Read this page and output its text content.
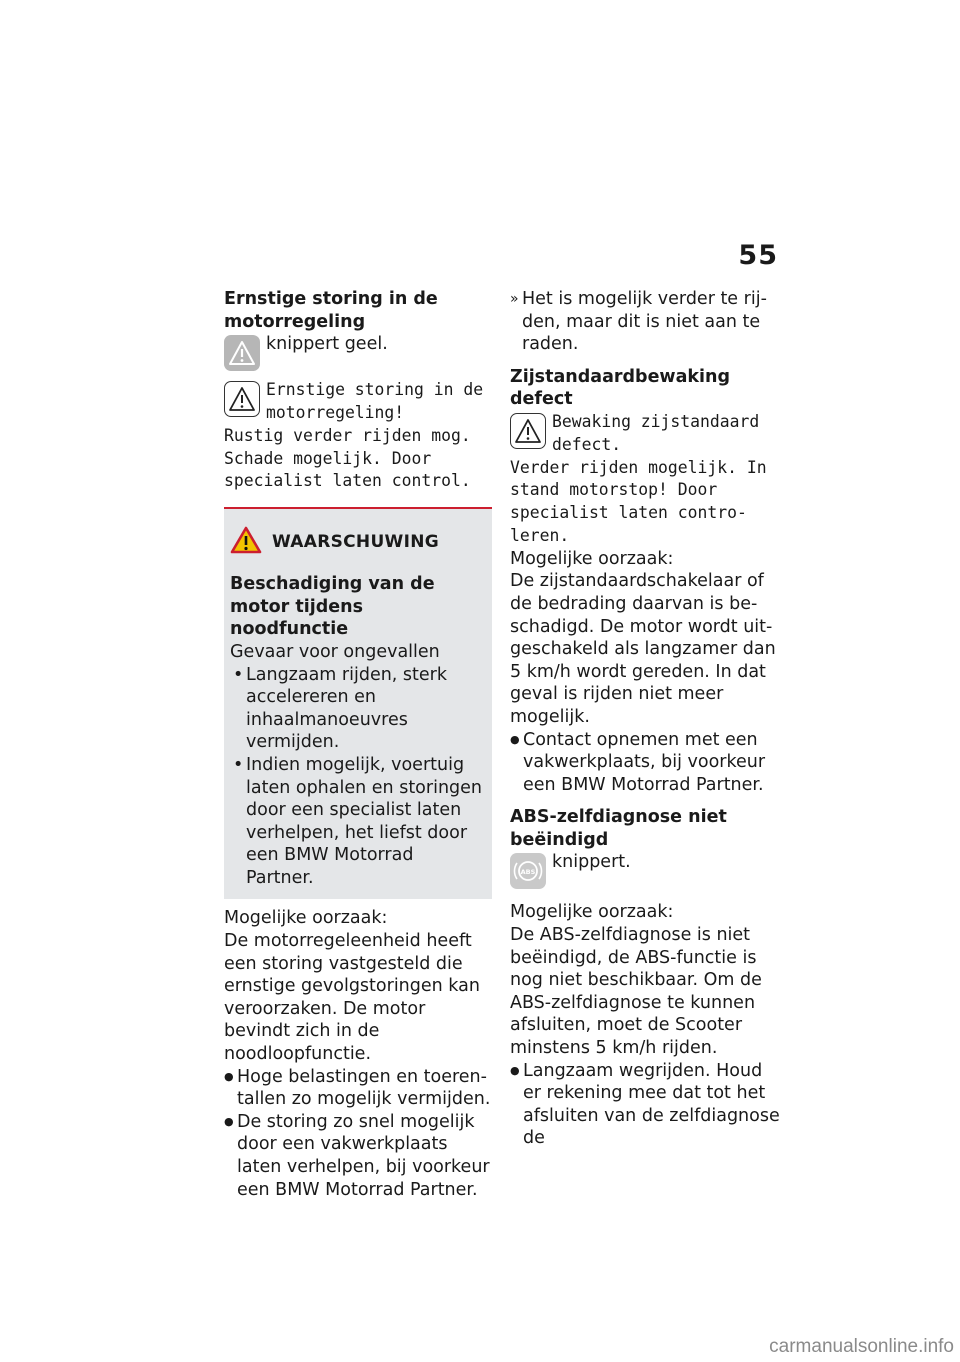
55
Ernstige storing in de motorregeling
knippert geel.
Ernstige storing in de motorregeling!
Rustig verder rijden mog. Schade mogelijk. Door specialist laten control.
WAARSCHUWING
Beschadiging van de motor tijdens noodfunctie
Gevaar voor ongevallen
• Langzaam rijden, sterk accelereren en inhaalmanoeuvres vermijden.
• Indien mogelijk, voertuig laten ophalen en storingen door een specialist laten verhelpen, het liefst door een BMW Motorrad Partner.
Mogelijke oorzaak:
De motorregeleenheid heeft een storing vastgesteld die ernstige gevolgstoringen kan veroorzaken. De motor bevindt zich in de noodloopfunctie.
● Hoge belastingen en toerentallen zo mogelijk vermijden.
● De storing zo snel mogelijk door een vakwerkplaats laten verhelpen, bij voorkeur een BMW Motorrad Partner.
» Het is mogelijk verder te rijden, maar dit is niet aan te raden.
Zijstandaardbewaking defect
Bewaking zijstandaard defect.
Verder rijden mogelijk. In stand motorstop! Door specialist laten controleren.
Mogelijke oorzaak:
De zijstandaardschakelaar of de bedrading daarvan is beschadigd. De motor wordt uitgeschakeld als langzamer dan 5 km/h wordt gereden. In dat geval is rijden niet meer mogelijk.
● Contact opnemen met een vakwerkplaats, bij voorkeur een BMW Motorrad Partner.
ABS-zelfdiagnose niet beëindigd
ABS knippert.
Mogelijke oorzaak:
De ABS-zelfdiagnose is niet beëindigd, de ABS-functie is nog niet beschikbaar. Om de ABS-zelfdiagnose te kunnen afsluiten, moet de Scooter minstens 5 km/h rijden.
● Langzaam wegrijden. Houd er rekening mee dat tot het afsluiten van de zelfdiagnose de
carmanualsonline.info
